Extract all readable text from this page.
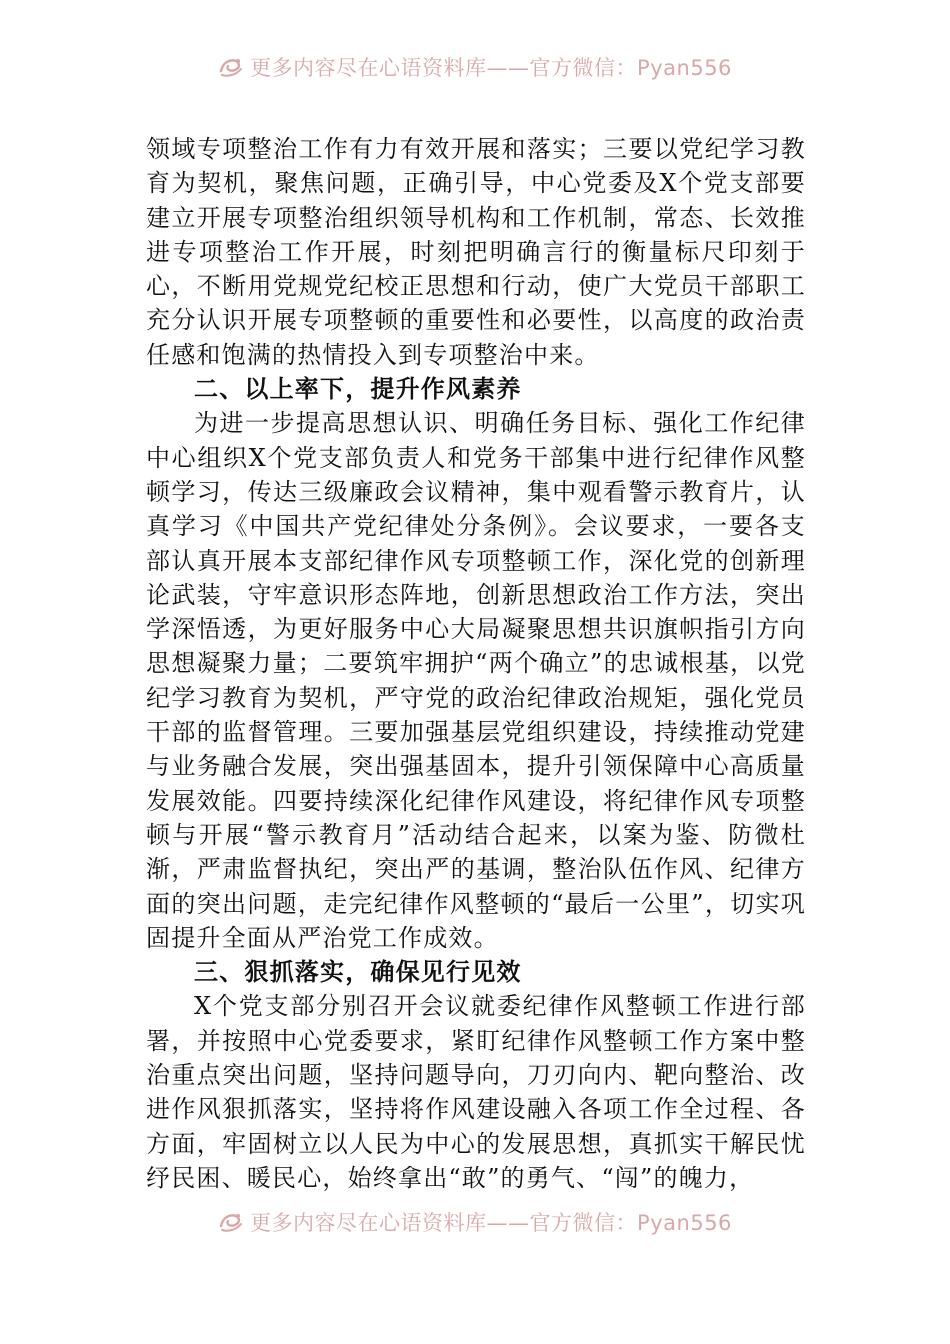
更多内容尽在心语资料库——官方微信：Pyan556

领域专项整治工作有力有效开展和落实；三要以党纪学习教育为契机，聚焦问题，正确引导，中心党委及X个党支部要建立开展专项整治组织领导机构和工作机制，常态、长效推进专项整治工作开展，时刻把明确言行的衡量标尺印刻于心，不断用党规党纪校正思想和行动，使广大党员干部职工充分认识开展专项整顿的重要性和必要性，以高度的政治责任感和饱满的热情投入到专项整治中来。

二、以上率下，提升作风素养

为进一步提高思想认识、明确任务目标、强化工作纪律中心组织X个党支部负责人和党务干部集中进行纪律作风整顿学习，传达三级廉政会议精神，集中观看警示教育片，认真学习《中国共产党纪律处分条例》。会议要求，一要各支部认真开展本支部纪律作风专项整顿工作，深化党的创新理论武装，守牢意识形态阵地，创新思想政治工作方法，突出学深悟透，为更好服务中心大局凝聚思想共识旗帜指引方向思想凝聚力量；二要筑牢拥护“两个确立”的忠诚根基，以党纪学习教育为契机，严守党的政治纪律政治规矩，强化党员干部的监督管理。三要加强基层党组织建设，持续推动党建与业务融合发展，突出强基固本，提升引领保障中心高质量发展效能。四要持续深化纪律作风建设，将纪律作风专项整顿与开展“警示教育月”活动结合起来，以案为鉴、防微杜渐，严肃监督执纪，突出严的基调，整治队伍作风、纪律方面的突出问题，走完纪律作风整顿的“最后一公里”，切实巩固提升全面从严治党工作成效。

三、狠抓落实，确保见行见效

X个党支部分别召开会议就委纪律作风整顿工作进行部署，并按照中心党委要求，紧盯纪律作风整顿工作方案中整治重点突出问题，坚持问题导向，刀刃向内、靶向整治、改进作风狠抓落实，坚持将作风建设融入各项工作全过程、各方面，牢固树立以人民为中心的发展思想，真抓实干解民忧纾民困、暖民心，始终拿出“敢”的勇气、“闯”的魄力，

更多内容尽在心语资料库——官方微信：Pyan556
